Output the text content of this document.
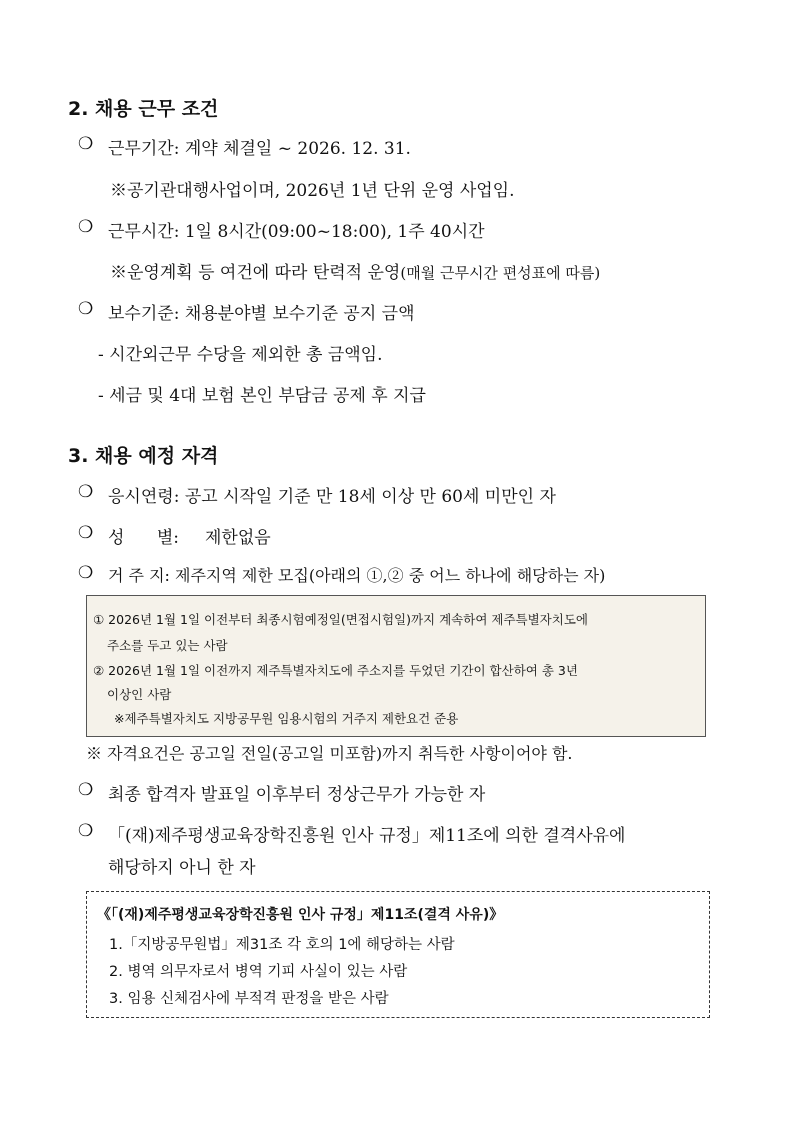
2. 채용 근무 조건
❍ 근무기간: 계약 체결일 ~ 2026. 12. 31.
※공기관대행사업이며, 2026년 1년 단위 운영 사업임.
❍ 근무시간: 1일 8시간(09:00~18:00), 1주 40시간
※운영계획 등 여건에 따라 탄력적 운영(매월 근무시간 편성표에 따름)
❍ 보수기준: 채용분야별 보수기준 공지 금액
- 시간외근무 수당을 제외한 총 금액임.
- 세금 및 4대 보험 본인 부담금 공제 후 지급
3. 채용 예정 자격
❍ 응시연령: 공고 시작일 기준 만 18세 이상 만 60세 미만인 자
❍ 성      별: 제한없음
❍ 거 주 지: 제주지역 제한 모집(아래의 ①,② 중 어느 하나에 해당하는 자)
① 2026년 1월 1일 이전부터 최종시험예정일(면접시험일)까지 계속하여 제주특별자치도에
주소를 두고 있는 사람
② 2026년 1월 1일 이전까지 제주특별자치도에 주소지를 두었던 기간이 합산하여 총 3년
이상인 사람
※제주특별자치도 지방공무원 임용시험의 거주지 제한요건 준용
※ 자격요건은 공고일 전일(공고일 미포함)까지 취득한 사항이어야 함.
❍ 최종 합격자 발표일 이후부터 정상근무가 가능한 자
❍ 「(재)제주평생교육장학진흥원 인사 규정」제11조에 의한 결격사유에
해당하지 아니 한 자
《「(재)제주평생교육장학진흥원 인사 규정」제11조(결격 사유)》
1.「지방공무원법」제31조 각 호의 1에 해당하는 사람
2. 병역 의무자로서 병역 기피 사실이 있는 사람
3. 임용 신체검사에 부적격 판정을 받은 사람
